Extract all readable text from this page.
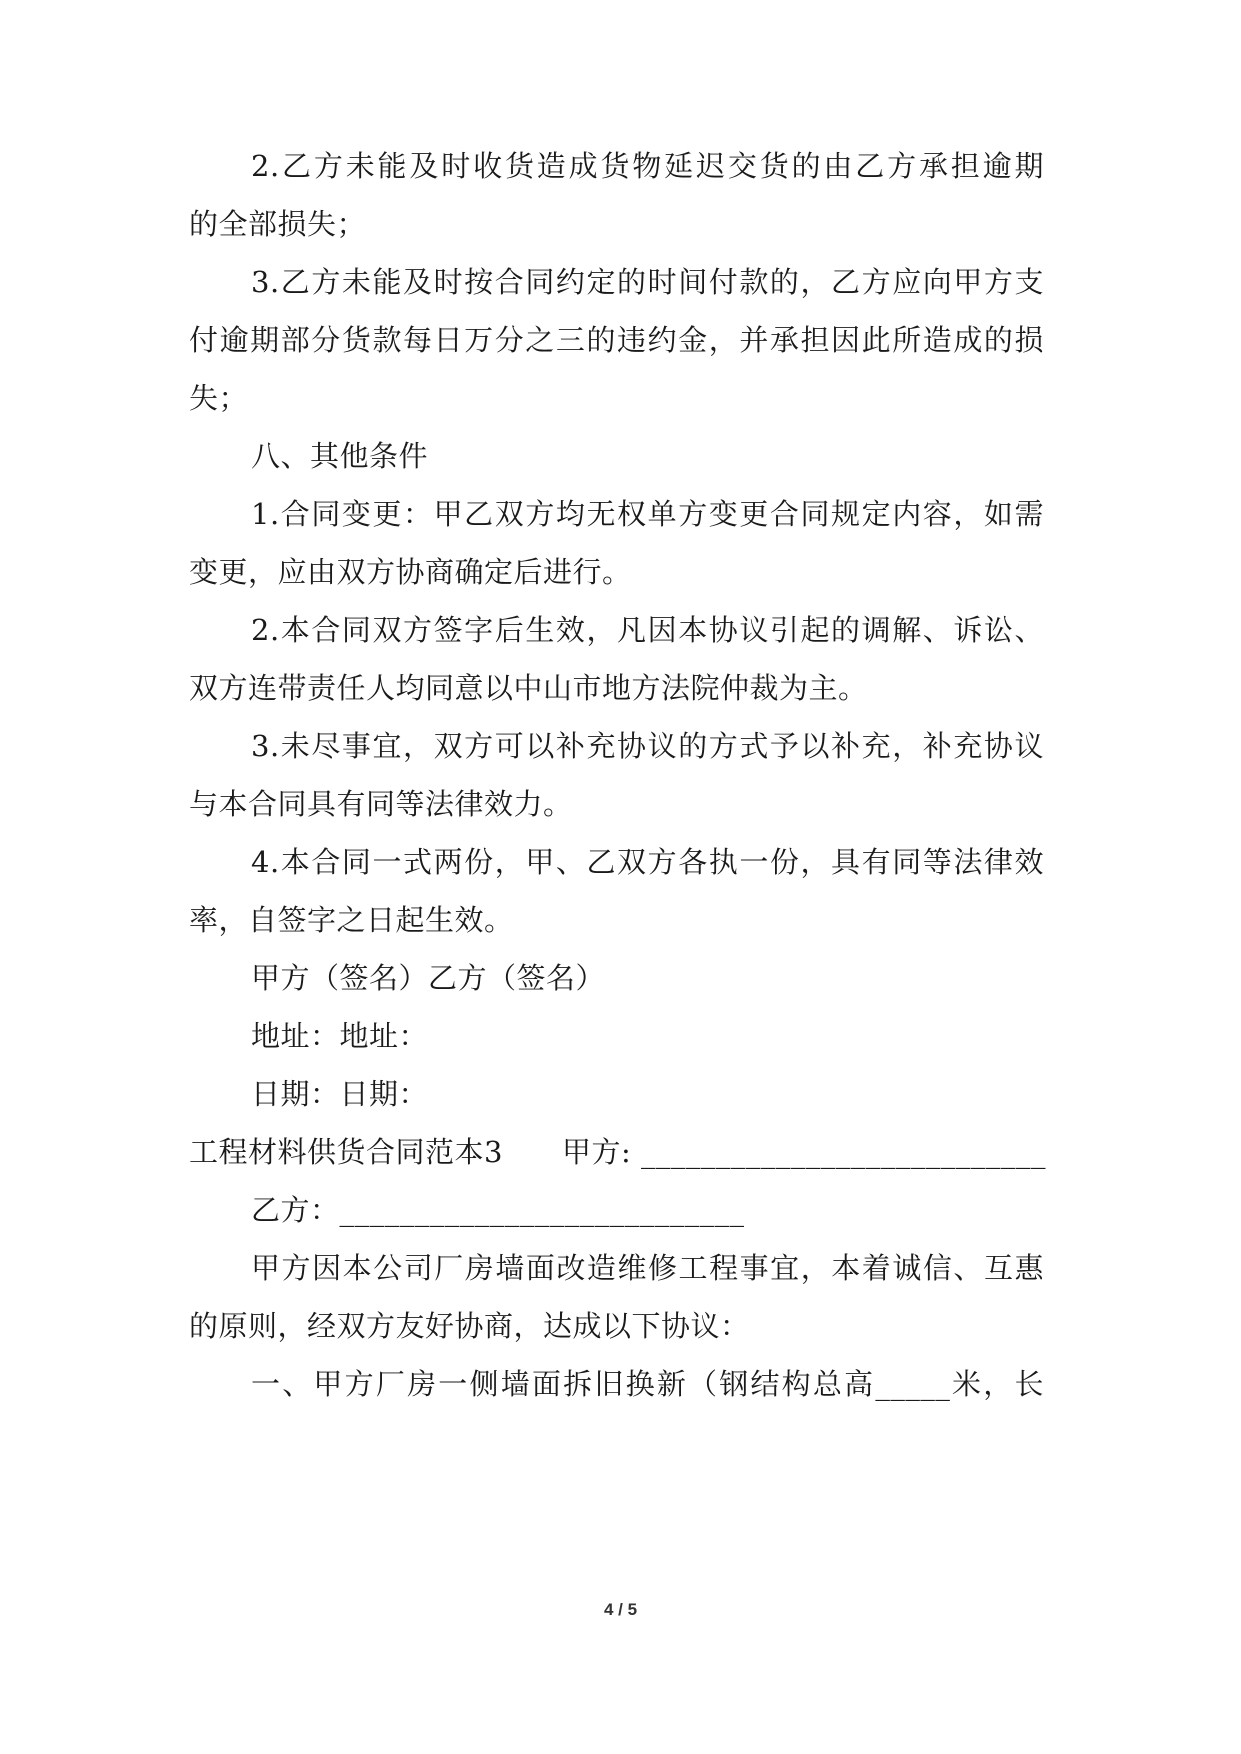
2.乙方未能及时收货造成货物延迟交货的由乙方承担逾期
的全部损失；
3.乙方未能及时按合同约定的时间付款的，乙方应向甲方支
付逾期部分货款每日万分之三的违约金，并承担因此所造成的损
失；
八、其他条件
1.合同变更：甲乙双方均无权单方变更合同规定内容，如需
变更，应由双方协商确定后进行。
2.本合同双方签字后生效，凡因本协议引起的调解、诉讼、
双方连带责任人均同意以中山市地方法院仲裁为主。
3.未尽事宜，双方可以补充协议的方式予以补充，补充协议
与本合同具有同等法律效力。
4.本合同一式两份，甲、乙双方各执一份，具有同等法律效
率，自签字之日起生效。
甲方（签名）乙方（签名）
地址：地址：
日期：日期：
工程材料供货合同范本3　　甲方: ___________________________
乙方：___________________________
甲方因本公司厂房墙面改造维修工程事宜，本着诚信、互惠
的原则，经双方友好协商，达成以下协议：
一、甲方厂房一侧墙面拆旧换新（钢结构总高_____米，长
4 / 5
